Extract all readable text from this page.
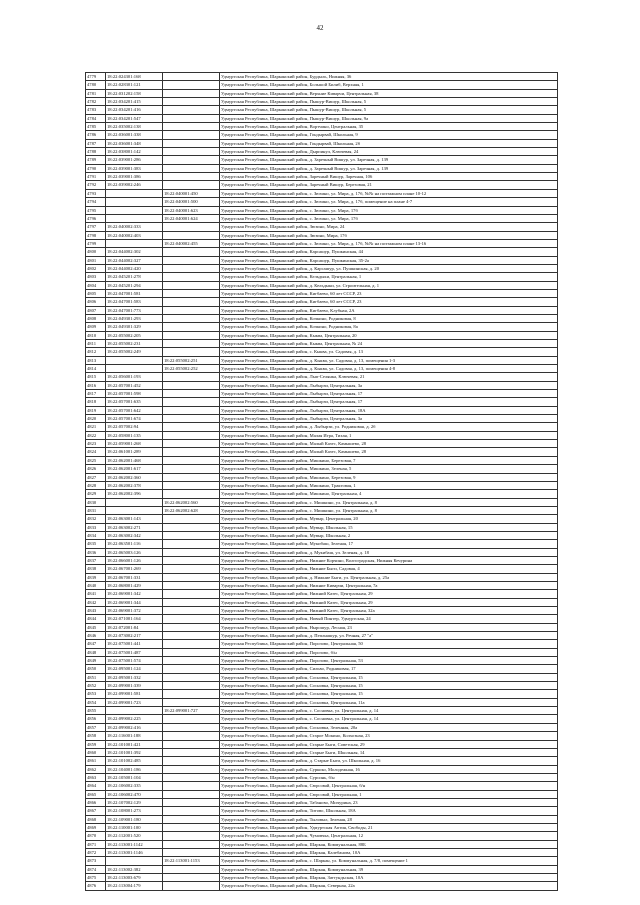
42
4779	18:22:024301:168		Удмуртская Республика, Шарканский район, Бурдыль, Нижняя, 36
4780	18:22:028301:121		Удмуртская Республика, Шарканский район, Большой Билиб, Верхняя, 1
4781	18:22:031202:158		Удмуртская Республика, Шарканский район, Верхние Киварчи, Центральная, 38
4782	18:22:034201:415		Удмуртская Республика, Шарканский район, Пышур-Вишур, Школьная, 5
4783	18:22:034201:416		Удмуртская Республика, Шарканский район, Пышур-Вишур, Школьная, 5
4784	18:22:034201:547		Удмуртская Республика, Шарканский район, Пышур-Вишур, Школьная, 9а
4785	18:22:035002:138		Удмуртская Республика, Шарканский район, Вортчино, Центральная, 35
4786	18:22:036001:338		Удмуртская Республика, Шарканский район, Гондырвай, Школьная, 9
4787	18:22:036001:348		Удмуртская Республика, Шарканский район, Гондырвай, Школьная, 2б
4788	18:22:038001:142		Удмуртская Республика, Шарканский район, Дырпинул, Ключевая, 24
4789	18:22:039001:286		Удмуртская Республика, Шарканский район, д. Заречный Вишур, ул. Заречная, д. 139
4790	18:22:039001:383		Удмуртская Республика, Шарканский район, д. Заречный Вишур, ул. Заречная, д. 139
4791	18:22:039001:386		Удмуртская Республика, Шарканский район, Заречный Вишур, Заречная, 106
4792	18:22:039002:246		Удмуртская Республика, Шарканский район, Заречный Вишур, Березовая, 21
4793		18:22:040001:450	Удмуртская Республика, Шарканский район, с. Зюзино, ул. Мира, д. 17б, №№ на поэтажном плане 10-12
4794		18:22:040001:500	Удмуртская Республика, Шарканский район, с. Зюзино, ул. Мира, д. 17б, помещение на плане 4-7
4795		18:22:040001:623	Удмуртская Республика, Шарканский район, с. Зюзино, ул. Мира, 17б
4796		18:22:040001:624	Удмуртская Республика, Шарканский район, с. Зюзино, ул. Мира, 17б
4797	18:22:040002:333		Удмуртская Республика, Шарканский район, Зюзино, Мира, 24
4798	18:22:040002:403		Удмуртская Республика, Шарканский район, Зюзино, Мира, 17б
4799		18:22:040002:455	Удмуртская Республика, Шарканский район, с. Зюзино, ул. Мира, д. 17б, №№ на поэтажном плане 13-16
4800	18:22:044002:302		Удмуртская Республика, Шарканский район, Карсашур, Пушкинская, 44
4801	18:22:044002:327		Удмуртская Республика, Шарканский район, Карсашур, Пушкинская, 35-2а
4802	18:22:044002:420		Удмуртская Республика, Шарканский район, д. Карсашур, ул. Пушкинская, д. 20
4803	18:22:045201:278		Удмуртская Республика, Шарканский район, Кельдыки, Центральная, 1
4804	18:22:045201:294		Удмуртская Республика, Шарканский район, д. Кельдыки, ул. Строительная, д. 1
4805	18:22:047001:581		Удмуртская Республика, Шарканский район, Кигбаево, 60 лет СССР, 23
4806	18:22:047001:583		Удмуртская Республика, Шарканский район, Кигбаево, 60 лет СССР, 23
4807	18:22:047001:773		Удмуртская Республика, Шарканский район, Кигбаево, Клубная, 2А
4808	18:22:049301:293		Удмуртская Республика, Шарканский район, Кочкино, Родниковая, 8
4809	18:22:049301:329		Удмуртская Республика, Шарканский район, Кочкино, Родниковая, 8а
4810	18:22:055002:205		Удмуртская Республика, Шарканский район, Кыква, Центральная, 20
4811	18:22:055002:231		Удмуртская Республика, Шарканский район, Кыква, Центральная, № 24
4812	18:22:055002:249		Удмуртская Республика, Шарканский район, с. Кыква, ул. Садовая, д. 13
4813		18:22:055002:251	Удмуртская Республика, Шарканский район, д. Кыква, ул. Садовая, д. 13, помещения 1-3
4814		18:22:055002:252	Удмуртская Республика, Шарканский район, д. Кыква, ул. Садовая, д. 13, помещения 4-8
4815	18:22:056001:193		Удмуртская Республика, Шарканский район, Лып-Селянка, Ключевая, 21
4816	18:22:057001:452		Удмуртская Республика, Шарканский район, Лыбырзи, Центральная, 3а
4817	18:22:057001:598		Удмуртская Республика, Шарканский район, Лыбырзи, Центральная, 17
4818	18:22:057001:635		Удмуртская Республика, Шарканский район, Лыбырзи, Центральная, 17
4819	18:22:057001:642		Удмуртская Республика, Шарканский район, Лыбырзи, Центральная, 18А
4820	18:22:057001:674		Удмуртская Республика, Шарканский район, Лыбырзи, Центральная, 3а
4821	18:22:057002:94		Удмуртская Республика, Шарканский район, д. Лыбырзи, ул. Родниковая, д. 2б
4822	18:22:058001:135		Удмуртская Республика, Шарканский район, Малая Игра, Тихая, 1
4823	18:22:059001:268		Удмуртская Республика, Шарканский район, Малый Казес, Камышево, 28
4824	18:22:061001:289		Удмуртская Республика, Шарканский район, Малый Казес, Камышево, 28
4825	18:22:062001:468		Удмуртская Республика, Шарканский район, Мишкино, Березовая, 7
4826	18:22:062001:617		Удмуртская Республика, Шарканский район, Мишкино, Зеленая, 5
4827	18:22:062002:360		Удмуртская Республика, Шарканский район, Мишкино, Березовая, 9
4828	18:22:062002:378		Удмуртская Республика, Шарканский район, Мишкино, Трактовая, 1
4829	18:22:062002:396		Удмуртская Республика, Шарканский район, Мишкино, Центральная, 4
4830		18:22:062002:560	Удмуртская Республика, Шарканский район, с. Мишкино, ул. Центральная, д. 8
4831		18:22:062002:628	Удмуртская Республика, Шарканский район, с. Мишкино, ул. Центральная, д. 8
4832	18:22:063001:143		Удмуртская Республика, Шарканский район, Мувыр, Центральная, 20
4833	18:22:063002:271		Удмуртская Республика, Шарканский район, Мувыр, Школьная, 15
4834	18:22:063002:342		Удмуртская Республика, Шарканский район, Мувыр, Школьная, 2
4835	18:22:063501:116		Удмуртская Республика, Шарканский район, Мукибаш, Зеленая, 17
4836	18:22:065003:126		Удмуртская Республика, Шарканский район, д. Мукибаш, ул. Зеленая, д. 18
4837	18:22:066001:126		Удмуртская Республика, Шарканский район, Нижние Корчино, Волгоградская, Нижняя Кечурина
4838	18:22:067001:269		Удмуртская Республика, Шарканский район, Нижние Быги, Садовая, 4
4839	18:22:067001:331		Удмуртская Республика, Шарканский район, д. Нижние Быги, ул. Центральная, д. 25а
4840	18:22:068001:429		Удмуртская Республика, Шарканский район, Нижние Киварчи, Центральная, 7а
4841	18:22:069001:342		Удмуртская Республика, Шарканский район, Нижний Казес, Центральная, 29
4842	18:22:069001:344		Удмуртская Республика, Шарканский район, Нижний Казес, Центральная, 29
4843	18:22:069001:372		Удмуртская Республика, Шарканский район, Нижний Казес, Центральная, 32а
4844	18:22:071001:164		Удмуртская Республика, Шарканский район, Новый Пинтер, Удмуртская, 24
4845	18:22:072001:84		Удмуртская Республика, Шарканский район, Нырошур, Лесная, 23
4846	18:22:073002:217		Удмуртская Республика, Шарканский район, д. Пеплнашур, ул. Речная, 27 "а"
4847	18:22:075001:441		Удмуртская Республика, Шарканский район, Порозово, Центральная, 50
4848	18:22:075001:487		Удмуртская Республика, Шарканский район, Порозово, б/н
4849	18:22:075001:574		Удмуртская Республика, Шарканский район, Порозово, Центральная, 53
4850	18:22:095001:124		Удмуртская Республика, Шарканский район, Сильво, Родниковая, 17
4851	18:22:095001:332		Удмуртская Республика, Шарканский район, Сосновка, Центральная, 15
4852	18:22:099001:339		Удмуртская Республика, Шарканский район, Сосновка, Центральная, 15
4853	18:22:099001:581		Удмуртская Республика, Шарканский район, Сосновка, Центральная, 15
4854	18:22:099001:723		Удмуртская Республика, Шарканский район, Сосновка, Центральная, 11а
4855		18:22:099001:727	Удмуртская Республика, Шарканский район, с. Сосновка, ул. Центральная, д. 14
4856	18:22:099002:225		Удмуртская Республика, Шарканский район, с. Сосновка, ул. Центральная, д. 14
4857	18:22:099002:416		Удмуртская Республика, Шарканский район, Сосновка, Зеленная, 20а
4858	18:22:116001:188		Удмуртская Республика, Шарканский район, Старое Мокино, Колхозная, 23
4859	18:22:101001:421		Удмуртская Республика, Шарканский район, Старые Быги, Советская, 29
4860	18:22:101001:392		Удмуртская Республика, Шарканский район, Старые Быги, Школьная, 14
4861	18:22:101002:485		Удмуртская Республика, Шарканский район, д. Старые Быги, ул. Школьная, д. 16
4862	18:22:104001:186		Удмуртская Республика, Шарканский район, Суркоко, Молодежная, 16
4863	18:22:105001:104		Удмуртская Республика, Шарканский район, Сурсинь, б/н
4864	18:22:106002:335		Удмуртская Республика, Шарканский район, Сюрсовай, Центральная, б/н
4865	18:22:106002:470		Удмуртская Республика, Шарканский район, Сюрсовай, Центральная, 1
4866	18:22:107002:129		Удмуртская Республика, Шарканский район, Табаново, Мичурина, 23
4867	18:22:108001:273		Удмуртская Республика, Шарканский район, Титово, Школьная, 18А
4868	18:22:109001:180		Удмуртская Республика, Шарканский район, Тыловыл, Зеленая, 28
4869	18:22:110001:100		Удмуртская Республика, Шарканский район, Удмуртская Аптия, Свободы, 21
4870	18:22:112001:520		Удмуртская Республика, Шарканский район, Чумовчка, Центральная, 12
4871	18:22:113001:1142		Удмуртская Республика, Шарканский район, Шаркан, Коммунальная, 88Б
4872	18:22:113001:1146		Удмуртская Республика, Шарканский район, Шаркан, Калебанова, 10А
4873		18:22:113001:1153	Удмуртская Республика, Шарканский район, с. Шаркан, ул. Коммунальная, д. 7/8, помещение 1
4874	18:22:113002:382		Удмуртская Республика, Шарканский район, Шаркан, Коммунальная, 39
4875	18:22:113003:679		Удмуртская Республика, Шарканский район, Шаркан, Заттундьская, 10А
4876	18:22:113004:179		Удмуртская Республика, Шарканский район, Шаркан, Северная, 22а
